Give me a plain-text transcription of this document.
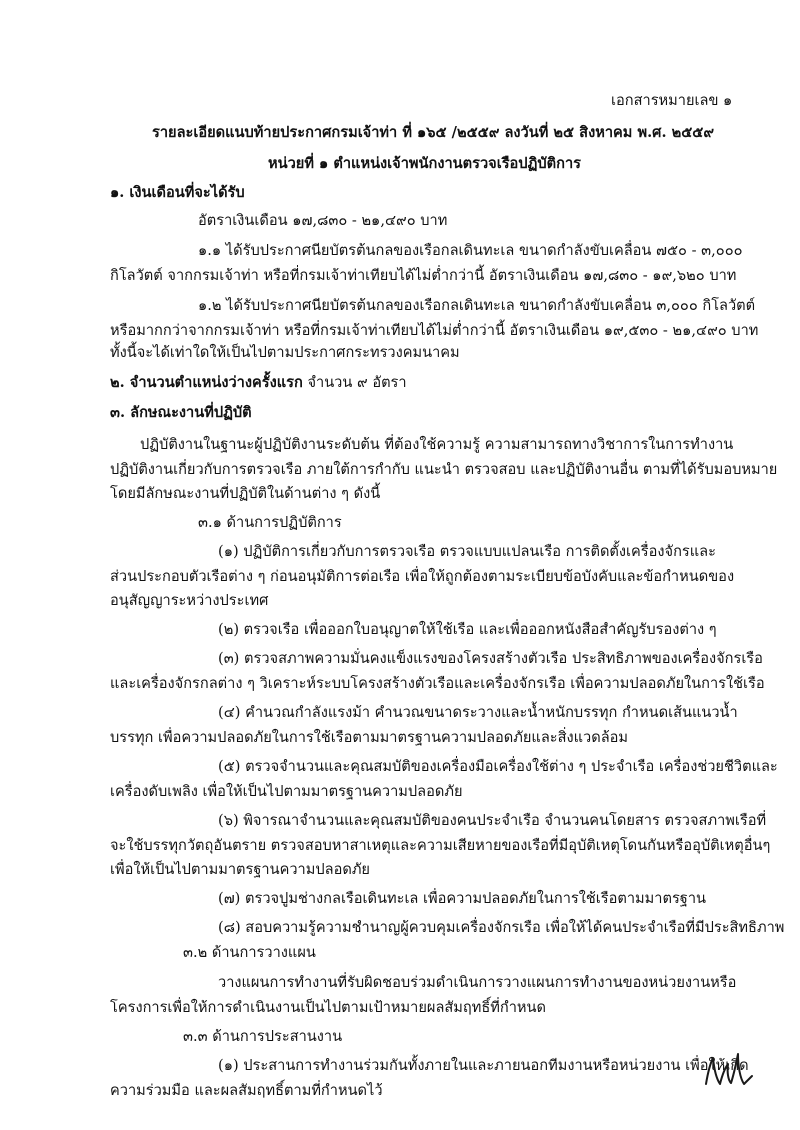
เอกสารหมายเลข ๑
รายละเอียดแนบท้ายประกาศกรมเจ้าท่า ที่ ๑๖๕ /๒๕๕๙ ลงวันที่ ๒๕ สิงหาคม พ.ศ. ๒๕๕๙
หน่วยที่ ๑ ตำแหน่งเจ้าพนักงานตรวจเรือปฏิบัติการ
๑. เงินเดือนที่จะได้รับ
อัตราเงินเดือน ๑๗,๘๓๐ - ๒๑,๔๙๐ บาท
๑.๑ ได้รับประกาศนียบัตรต้นกลของเรือกลเดินทะเล ขนาดกำลังขับเคลื่อน ๗๕๐ - ๓,๐๐๐
กิโลวัตต์ จากกรมเจ้าท่า หรือที่กรมเจ้าท่าเทียบได้ไม่ต่ำกว่านี้ อัตราเงินเดือน ๑๗,๘๓๐ - ๑๙,๖๒๐ บาท
๑.๒ ได้รับประกาศนียบัตรต้นกลของเรือกลเดินทะเล ขนาดกำลังขับเคลื่อน ๓,๐๐๐ กิโลวัตต์
หรือมากกว่าจากกรมเจ้าท่า หรือที่กรมเจ้าท่าเทียบได้ไม่ต่ำกว่านี้ อัตราเงินเดือน ๑๙,๕๓๐ - ๒๑,๔๙๐ บาท
ทั้งนี้จะได้เท่าใดให้เป็นไปตามประกาศกระทรวงคมนาคม
๒. จำนวนตำแหน่งว่างครั้งแรก จำนวน ๙ อัตรา
๓. ลักษณะงานที่ปฏิบัติ
ปฏิบัติงานในฐานะผู้ปฏิบัติงานระดับต้น ที่ต้องใช้ความรู้ ความสามารถทางวิชาการในการทำงาน
ปฏิบัติงานเกี่ยวกับการตรวจเรือ ภายใต้การกำกับ แนะนำ ตรวจสอบ และปฏิบัติงานอื่น ตามที่ได้รับมอบหมาย
โดยมีลักษณะงานที่ปฏิบัติในด้านต่าง ๆ ดังนี้
๓.๑ ด้านการปฏิบัติการ
(๑) ปฏิบัติการเกี่ยวกับการตรวจเรือ ตรวจแบบแปลนเรือ การติดตั้งเครื่องจักรและ
ส่วนประกอบตัวเรือต่าง ๆ ก่อนอนุมัติการต่อเรือ เพื่อให้ถูกต้องตามระเบียบข้อบังคับและข้อกำหนดของ
อนุสัญญาระหว่างประเทศ
(๒) ตรวจเรือ เพื่อออกใบอนุญาตให้ใช้เรือ และเพื่อออกหนังสือสำคัญรับรองต่าง ๆ
(๓) ตรวจสภาพความมั่นคงแข็งแรงของโครงสร้างตัวเรือ ประสิทธิภาพของเครื่องจักรเรือ
และเครื่องจักรกลต่าง ๆ วิเคราะห์ระบบโครงสร้างตัวเรือและเครื่องจักรเรือ เพื่อความปลอดภัยในการใช้เรือ
(๔) คำนวณกำลังแรงม้า คำนวณขนาดระวางและน้ำหนักบรรทุก กำหนดเส้นแนวน้ำ
บรรทุก เพื่อความปลอดภัยในการใช้เรือตามมาตรฐานความปลอดภัยและสิ่งแวดล้อม
(๕) ตรวจจำนวนและคุณสมบัติของเครื่องมือเครื่องใช้ต่าง ๆ ประจำเรือ เครื่องช่วยชีวิตและ
เครื่องดับเพลิง เพื่อให้เป็นไปตามมาตรฐานความปลอดภัย
(๖) พิจารณาจำนวนและคุณสมบัติของคนประจำเรือ จำนวนคนโดยสาร ตรวจสภาพเรือที่
จะใช้บรรทุกวัตถุอันตราย ตรวจสอบหาสาเหตุและความเสียหายของเรือที่มีอุบัติเหตุโดนกันหรืออุบัติเหตุอื่นๆ
เพื่อให้เป็นไปตามมาตรฐานความปลอดภัย
(๗) ตรวจปูมช่างกลเรือเดินทะเล เพื่อความปลอดภัยในการใช้เรือตามมาตรฐาน
(๘) สอบความรู้ความชำนาญผู้ควบคุมเครื่องจักรเรือ เพื่อให้ได้คนประจำเรือที่มีประสิทธิภาพ
๓.๒ ด้านการวางแผน
วางแผนการทำงานที่รับผิดชอบร่วมดำเนินการวางแผนการทำงานของหน่วยงานหรือ
โครงการเพื่อให้การดำเนินงานเป็นไปตามเป้าหมายผลสัมฤทธิ์ที่กำหนด
๓.๓ ด้านการประสานงาน
(๑) ประสานการทำงานร่วมกันทั้งภายในและภายนอกทีมงานหรือหน่วยงาน เพื่อให้เกิด
ความร่วมมือ และผลสัมฤทธิ์ตามที่กำหนดไว้
